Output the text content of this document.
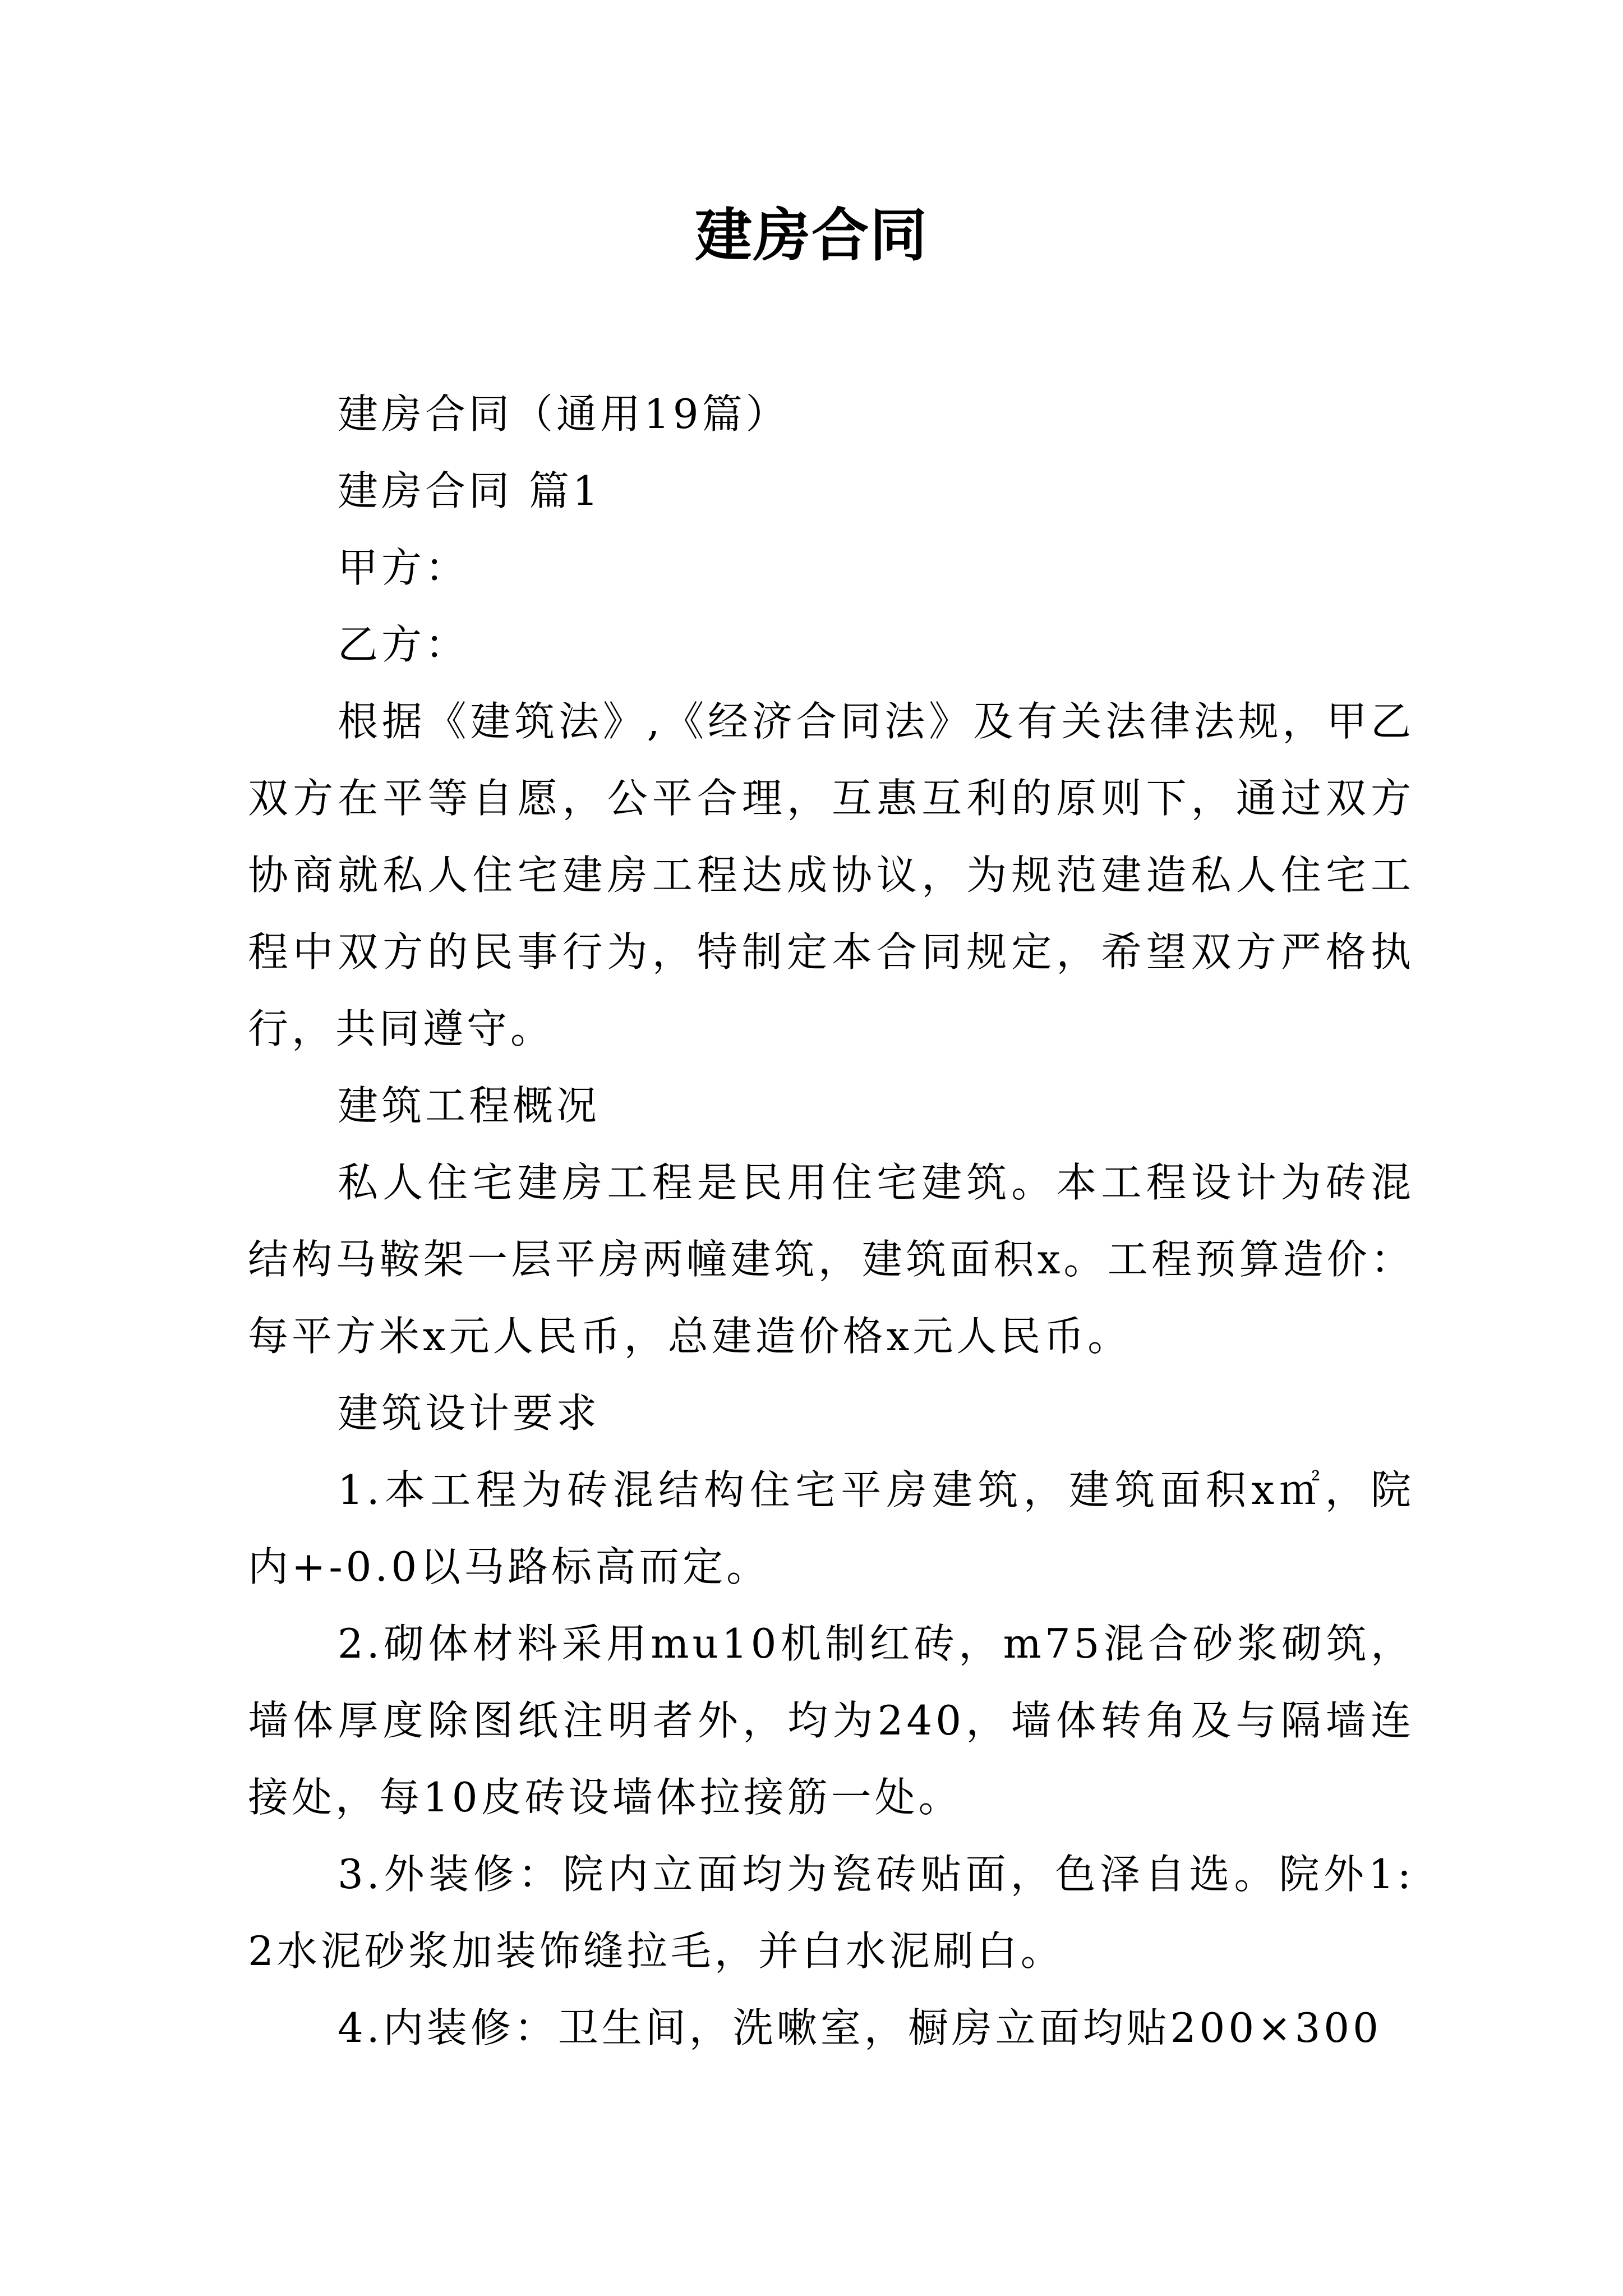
建房合同

建房合同（通用19篇）

建房合同 篇1

甲方：

乙方：

根据《建筑法》,《经济合同法》及有关法律法规，甲乙双方在平等自愿，公平合理，互惠互利的原则下，通过双方协商就私人住宅建房工程达成协议，为规范建造私人住宅工程中双方的民事行为，特制定本合同规定，希望双方严格执行，共同遵守。

建筑工程概况

私人住宅建房工程是民用住宅建筑。本工程设计为砖混结构马鞍架一层平房两幢建筑，建筑面积x。工程预算造价：每平方米x元人民币，总建造价格x元人民币。

建筑设计要求

1.本工程为砖混结构住宅平房建筑，建筑面积x㎡，院内+-0.0以马路标高而定。

2.砌体材料采用mu10机制红砖，m75混合砂浆砌筑，墙体厚度除图纸注明者外，均为240，墙体转角及与隔墙连接处，每10皮砖设墙体拉接筋一处。

3.外装修：院内立面均为瓷砖贴面，色泽自选。院外1:2水泥砂浆加装饰缝拉毛，并白水泥刷白。

4.内装修：卫生间，洗嗽室，橱房立面均贴200×300
